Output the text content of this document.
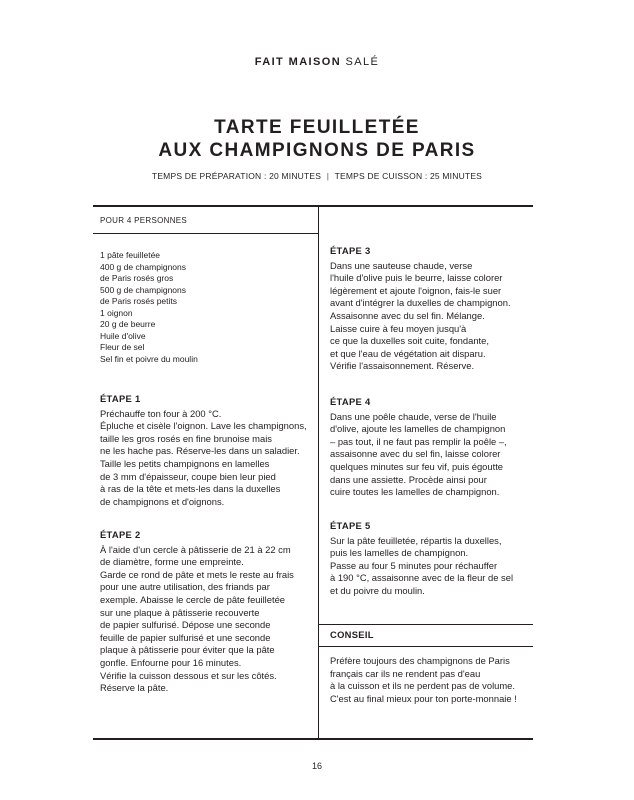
FAIT MAISON SALÉ
TARTE FEUILLETÉE
AUX CHAMPIGNONS DE PARIS
TEMPS DE PRÉPARATION : 20 MINUTES | TEMPS DE CUISSON : 25 MINUTES
POUR 4 PERSONNES
1 pâte feuilletée
400 g de champignons
de Paris rosés gros
500 g de champignons
de Paris rosés petits
1 oignon
20 g de beurre
Huile d'olive
Fleur de sel
Sel fin et poivre du moulin
ÉTAPE 1
Préchauffe ton four à 200 °C.
Épluche et cisèle l'oignon. Lave les champignons,
taille les gros rosés en fine brunoise mais
ne les hache pas. Réserve-les dans un saladier.
Taille les petits champignons en lamelles
de 3 mm d'épaisseur, coupe bien leur pied
à ras de la tête et mets-les dans la duxelles
de champignons et d'oignons.
ÉTAPE 2
À l'aide d'un cercle à pâtisserie de 21 à 22 cm
de diamètre, forme une empreinte.
Garde ce rond de pâte et mets le reste au frais
pour une autre utilisation, des friands par
exemple. Abaisse le cercle de pâte feuilletée
sur une plaque à pâtisserie recouverte
de papier sulfurisé. Dépose une seconde
feuille de papier sulfurisé et une seconde
plaque à pâtisserie pour éviter que la pâte
gonfle. Enfourne pour 16 minutes.
Vérifie la cuisson dessous et sur les côtés.
Réserve la pâte.
ÉTAPE 3
Dans une sauteuse chaude, verse
l'huile d'olive puis le beurre, laisse colorer
légèrement et ajoute l'oignon, fais-le suer
avant d'intégrer la duxelles de champignon.
Assaisonne avec du sel fin. Mélange.
Laisse cuire à feu moyen jusqu'à
ce que la duxelles soit cuite, fondante,
et que l'eau de végétation ait disparu.
Vérifie l'assaisonnement. Réserve.
ÉTAPE 4
Dans une poêle chaude, verse de l'huile
d'olive, ajoute les lamelles de champignon
– pas tout, il ne faut pas remplir la poêle –,
assaisonne avec du sel fin, laisse colorer
quelques minutes sur feu vif, puis égoutte
dans une assiette. Procède ainsi pour
cuire toutes les lamelles de champignon.
ÉTAPE 5
Sur la pâte feuilletée, répartis la duxelles,
puis les lamelles de champignon.
Passe au four 5 minutes pour réchauffer
à 190 °C, assaisonne avec de la fleur de sel
et du poivre du moulin.
CONSEIL
Préfère toujours des champignons de Paris
français car ils ne rendent pas d'eau
à la cuisson et ils ne perdent pas de volume.
C'est au final mieux pour ton porte-monnaie !
16
